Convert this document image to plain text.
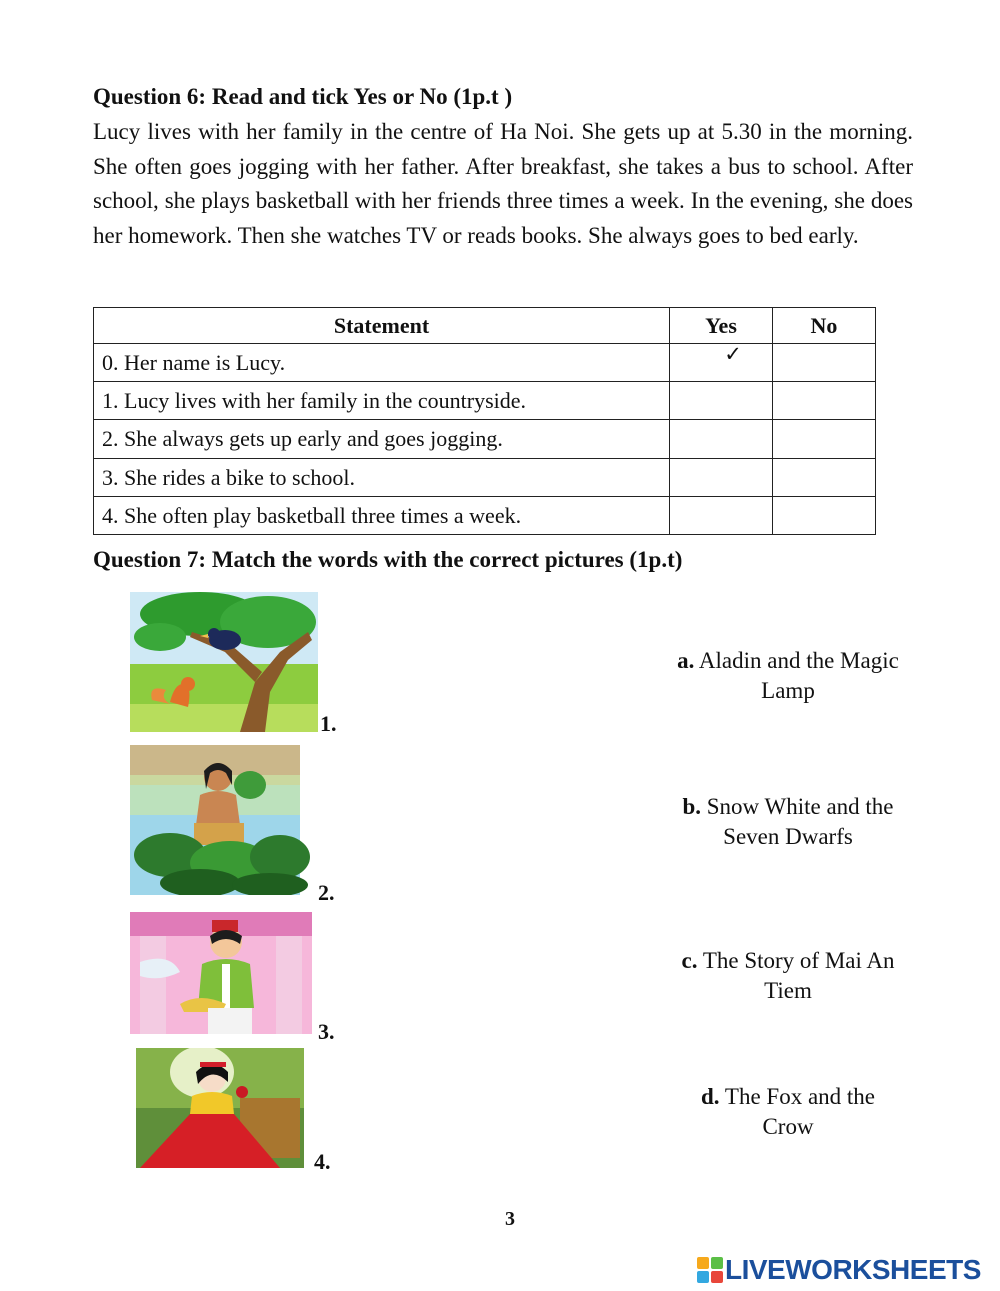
Question 6: Read and tick Yes or No (1p.t )
Lucy lives with her family in the centre of Ha Noi. She gets up at 5.30 in the morning. She often goes jogging with her father. After breakfast, she takes a bus to school. After school, she plays basketball with her friends three times a week. In the evening, she does her homework. Then she watches TV or reads books. She always goes to bed early.
Statement	Yes	No
0. Her name is Lucy.	✓	
1. Lucy lives with her family in the countryside.		
2. She always gets up early and goes jogging.		
3. She rides a bike to school.		
4. She often play basketball three times a week.		
Question 7: Match the words with the correct pictures (1p.t)
1.
2.
3.
4.
a. Aladin and the Magic
Lamp
b. Snow White and the
Seven Dwarfs
c. The Story of Mai An
Tiem
d. The Fox and the
Crow
3
LIVEWORKSHEETS
